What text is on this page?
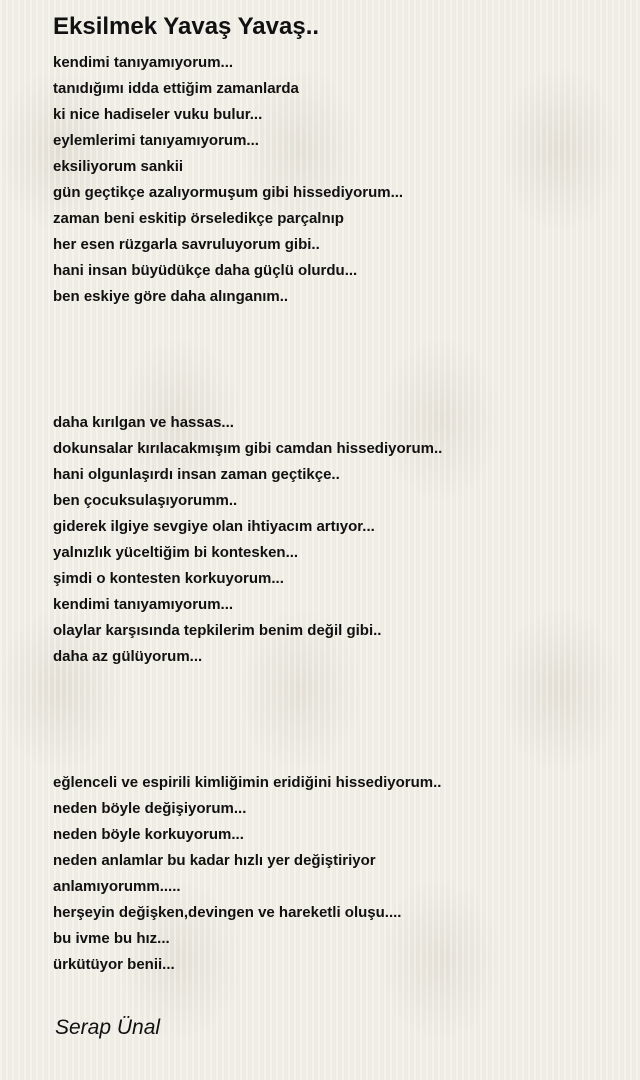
Eksilmek Yavaş Yavaş..
kendimi tanıyamıyorum...
tanıdığımı idda ettiğim zamanlarda
ki nice hadiseler vuku bulur...
eylemlerimi tanıyamıyorum...
eksiliyorum sankii
gün geçtikçe azalıyormuşum gibi hissediyorum...
zaman beni eskitip örseledikçe parçalnıp
her esen rüzgarla savruluyorum gibi..
hani insan büyüdükçe daha güçlü olurdu...
ben eskiye göre daha alınganım..
daha kırılgan ve hassas...
dokunsalar kırılacakmışım gibi camdan hissediyorum..
hani olgunlaşırdı insan zaman geçtikçe..
ben çocuksulaşıyorumm..
giderek ilgiye sevgiye olan ihtiyacım artıyor...
yalnızlık yüceltiğim bi kontesken...
şimdi o kontesten korkuyorum...
kendimi tanıyamıyorum...
olaylar karşısında tepkilerim benim değil gibi..
daha az gülüyorum...
eğlenceli ve espirili kimliğimin eridiğini hissediyorum..
neden böyle değişiyorum...
neden böyle korkuyorum...
neden anlamlar bu kadar hızlı yer değiştiriyor
anlamıyorumm.....
herşeyin değişken,devingen ve hareketli oluşu....
bu ivme bu hız...
ürkütüyor benii...
Serap Ünal
